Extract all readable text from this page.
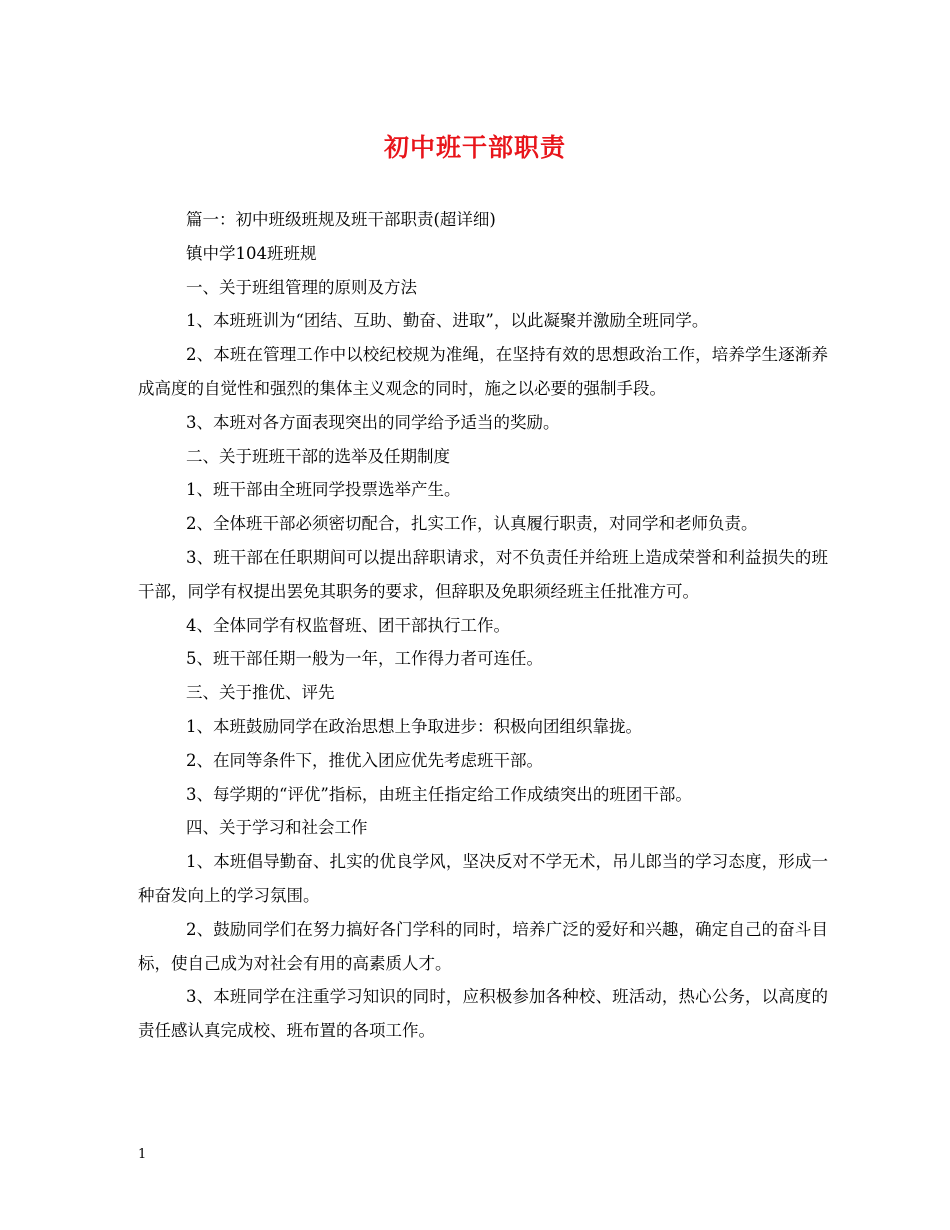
初中班干部职责

篇一：初中班级班规及班干部职责(超详细)

镇中学104班班规

一、关于班组管理的原则及方法

1、本班班训为“团结、互助、勤奋、进取”，以此凝聚并激励全班同学。

2、本班在管理工作中以校纪校规为准绳，在坚持有效的思想政治工作，培养学生逐渐养成高度的自觉性和强烈的集体主义观念的同时，施之以必要的强制手段。

3、本班对各方面表现突出的同学给予适当的奖励。

二、关于班班干部的选举及任期制度

1、班干部由全班同学投票选举产生。

2、全体班干部必须密切配合，扎实工作，认真履行职责，对同学和老师负责。

3、班干部在任职期间可以提出辞职请求，对不负责任并给班上造成荣誉和利益损失的班干部，同学有权提出罢免其职务的要求，但辞职及免职须经班主任批准方可。

4、全体同学有权监督班、团干部执行工作。

5、班干部任期一般为一年，工作得力者可连任。

三、关于推优、评先

1、本班鼓励同学在政治思想上争取进步：积极向团组织靠拢。

2、在同等条件下，推优入团应优先考虑班干部。

3、每学期的“评优”指标，由班主任指定给工作成绩突出的班团干部。

四、关于学习和社会工作

1、本班倡导勤奋、扎实的优良学风，坚决反对不学无术，吊儿郎当的学习态度，形成一种奋发向上的学习氛围。

2、鼓励同学们在努力搞好各门学科的同时，培养广泛的爱好和兴趣，确定自己的奋斗目标，使自己成为对社会有用的高素质人才。

3、本班同学在注重学习知识的同时，应积极参加各种校、班活动，热心公务，以高度的责任感认真完成校、班布置的各项工作。

1
